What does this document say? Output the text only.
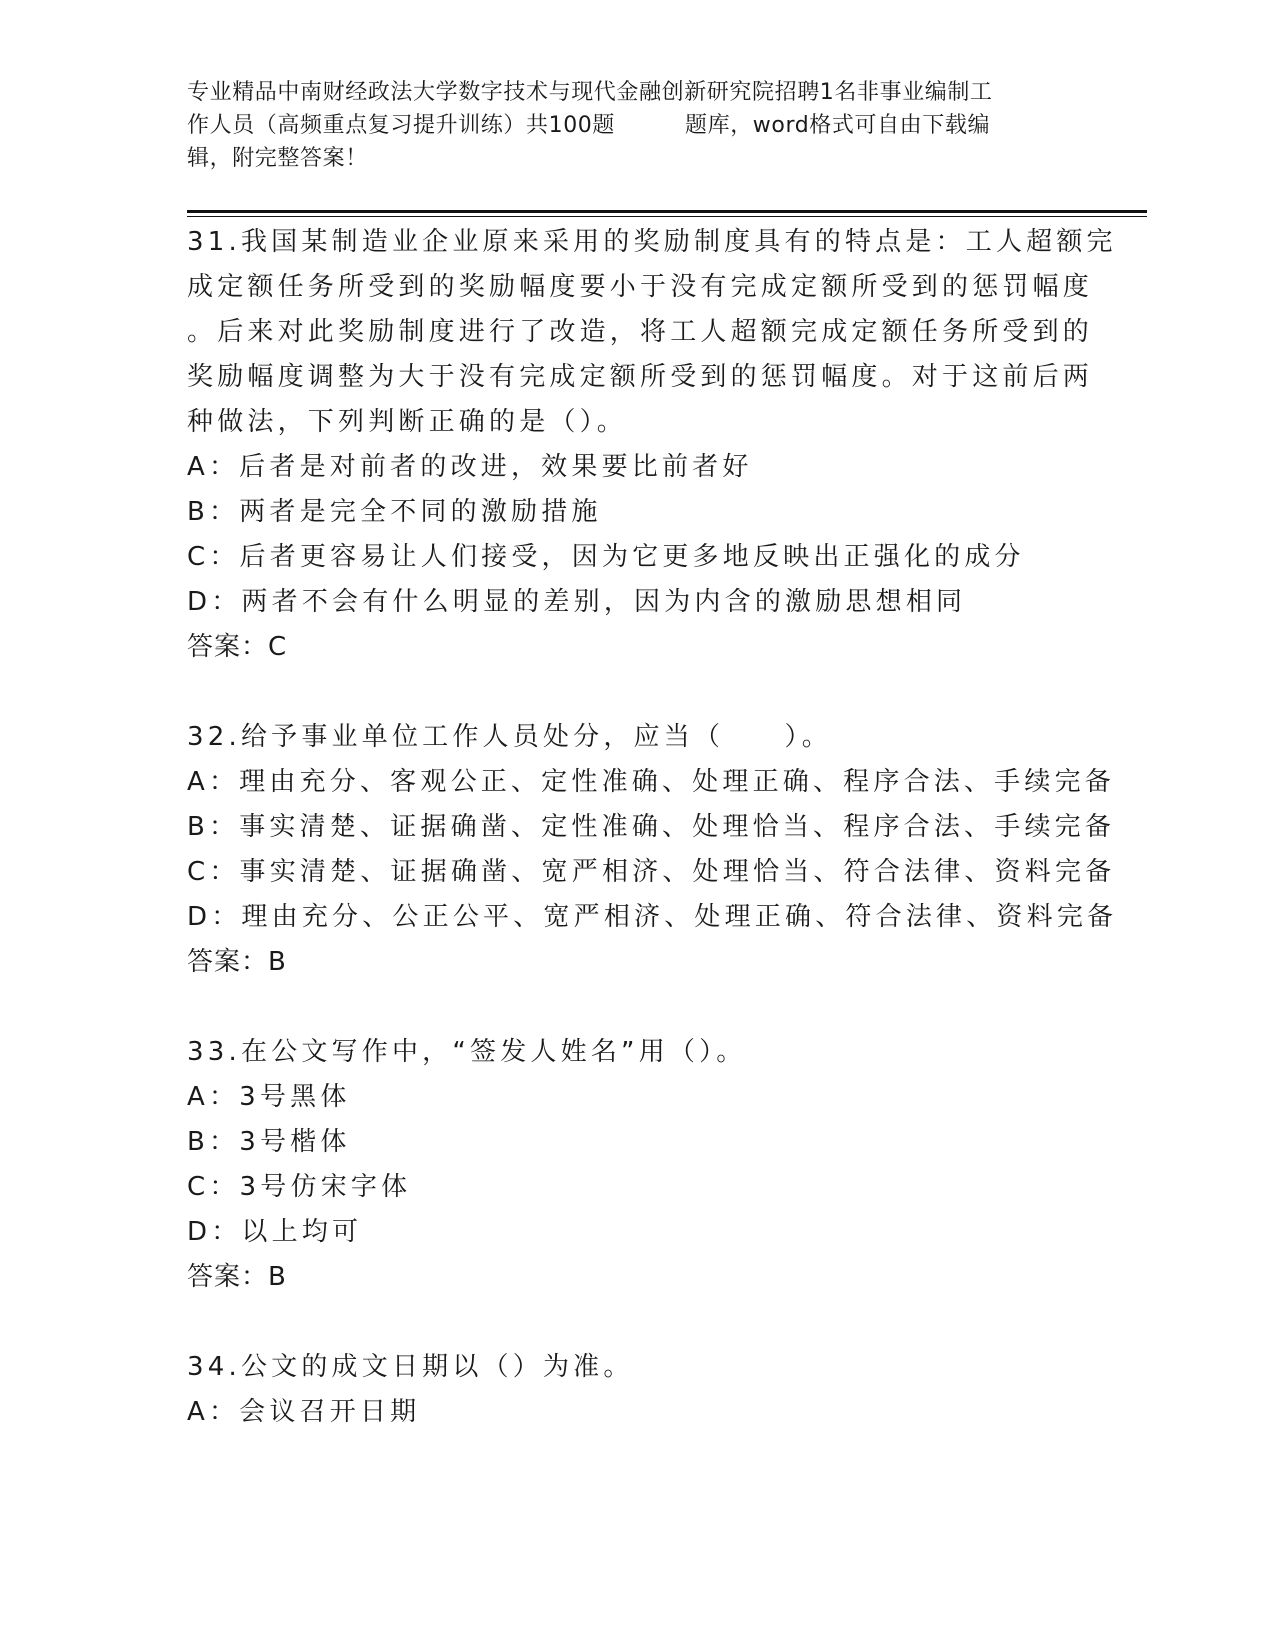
专业精品中南财经政法大学数字技术与现代金融创新研究院招聘1名非事业编制工
作人员（高频重点复习提升训练）共100题	题库，word格式可自由下载编
辑，附完整答案！
31.我国某制造业企业原来采用的奖励制度具有的特点是：工人超额完
成定额任务所受到的奖励幅度要小于没有完成定额所受到的惩罚幅度
。后来对此奖励制度进行了改造，将工人超额完成定额任务所受到的
奖励幅度调整为大于没有完成定额所受到的惩罚幅度。对于这前后两
种做法，下列判断正确的是（）。
A：后者是对前者的改进，效果要比前者好
B：两者是完全不同的激励措施
C：后者更容易让人们接受，因为它更多地反映出正强化的成分
D：两者不会有什么明显的差别，因为内含的激励思想相同
答案：C
32.给予事业单位工作人员处分，应当（　　）。
A：理由充分、客观公正、定性准确、处理正确、程序合法、手续完备
B：事实清楚、证据确凿、定性准确、处理恰当、程序合法、手续完备
C：事实清楚、证据确凿、宽严相济、处理恰当、符合法律、资料完备
D：理由充分、公正公平、宽严相济、处理正确、符合法律、资料完备
答案：B
33.在公文写作中，“签发人姓名”用（）。
A：3号黑体
B：3号楷体
C：3号仿宋字体
D：以上均可
答案：B
34.公文的成文日期以（）为准。
A：会议召开日期
